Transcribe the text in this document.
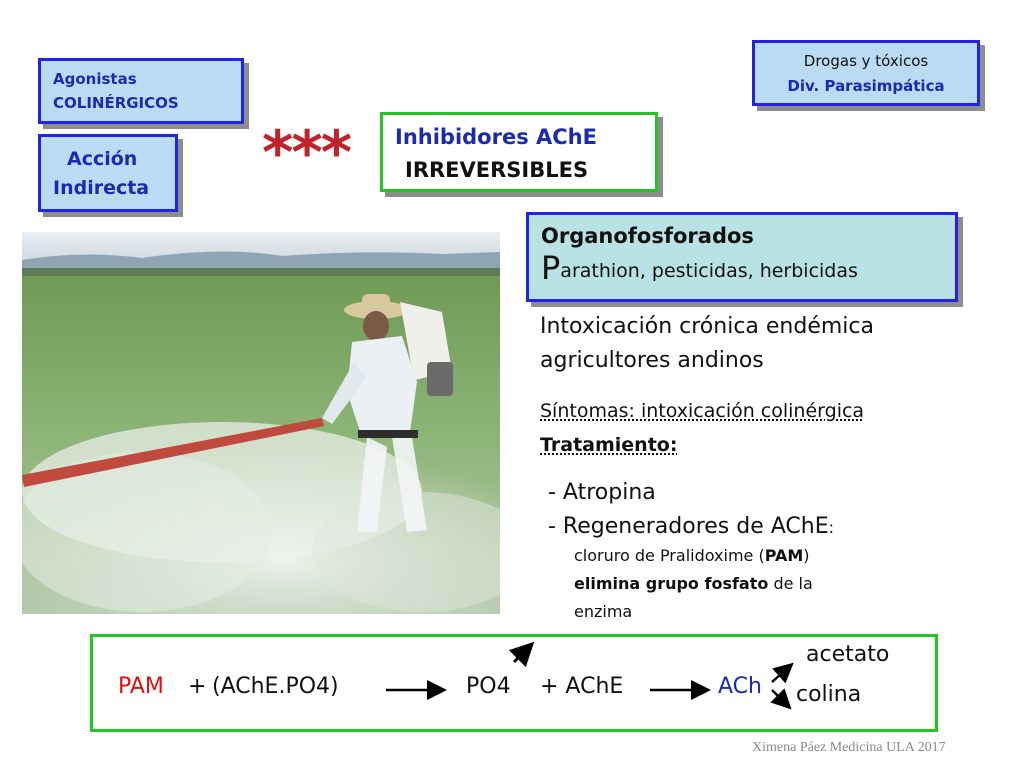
Agonistas
COLINÉRGICOS
Acción
Indirecta	*** Inhibidores AChE
IRREVERSIBLES
Drogas y tóxicos
Div. Parasimpática
Organofosforados
Parathion, pesticidas, herbicidas
Intoxicación crónica endémica
agricultores andinos
Síntomas: intoxicación colinérgica
Tratamiento:
- Atropina
- Regeneradores de AChE:
cloruro de Pralidoxime (PAM)
elimina grupo fosfato de la
enzima
PAM + (AChE.PO4)	PO4 + AChE	ACh
acetato
colina
Ximena Páez Medicina ULA 2017
